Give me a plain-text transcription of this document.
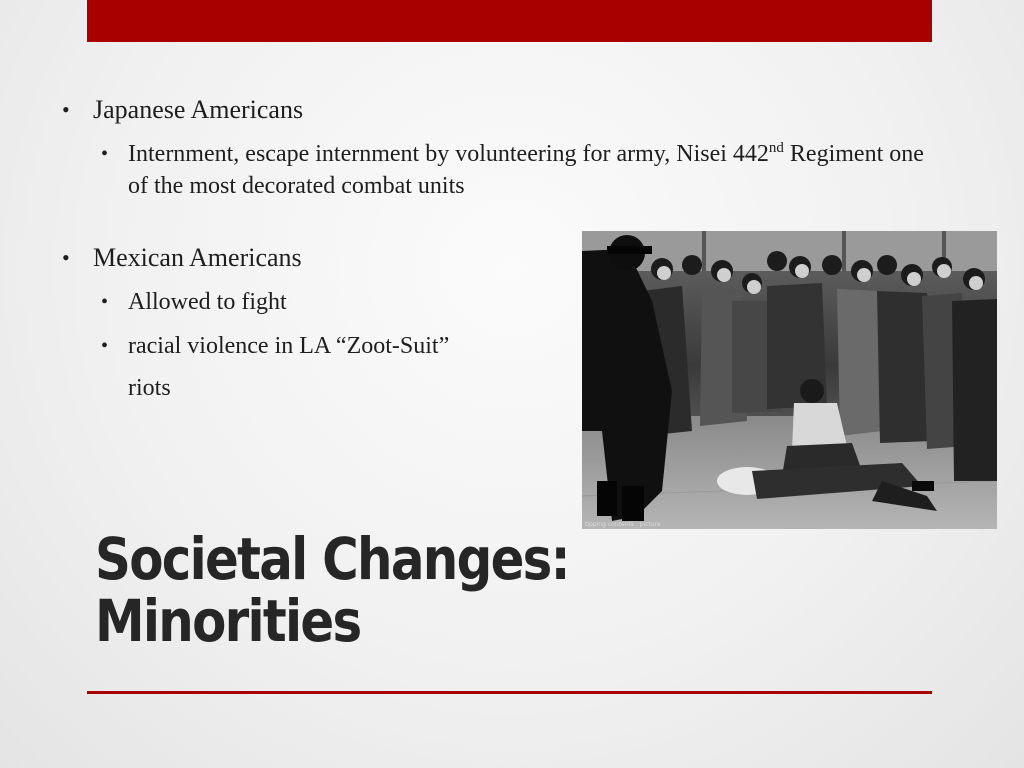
• Japanese Americans
• Internment, escape internment by volunteering for army, Nisei 442nd Regiment one of the most decorated combat units
• Mexican Americans
• Allowed to fight
• racial violence in LA “Zoot-Suit”
riots
tipping contents . picture
Societal Changes:
Minorities
